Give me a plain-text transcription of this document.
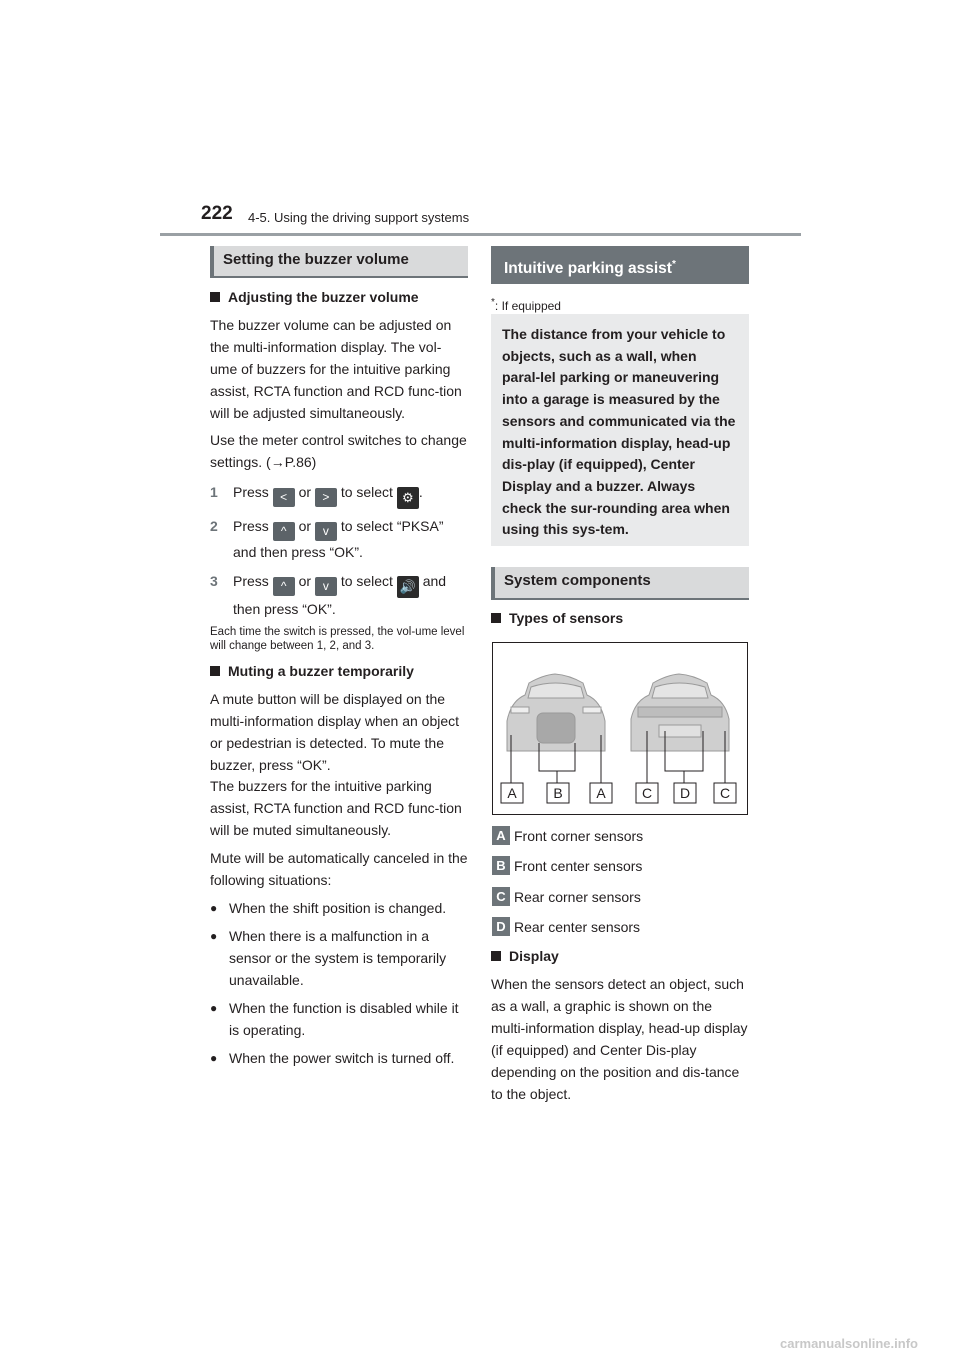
222 4-5. Using the driving support systems
Setting the buzzer volume
Adjusting the buzzer volume

The buzzer volume can be adjusted on the multi-information display. The vol-ume of buzzers for the intuitive parking assist, RCTA function and RCD func-tion will be adjusted simultaneously.

Use the meter control switches to change settings. (→P.86)

1 Press < or > to select ⚙ .
2 Press ^ or v to select “PKSA”
and then press “OK”.
3 Press ^ or v to select 🔊 and
then press “OK”.

Each time the switch is pressed, the vol-ume level will change between 1, 2, and 3.

Muting a buzzer temporarily

A mute button will be displayed on the multi-information display when an object or pedestrian is detected. To mute the buzzer, press “OK”.

The buzzers for the intuitive parking assist, RCTA function and RCD func-tion will be muted simultaneously.

Mute will be automatically canceled in the following situations:

● When the shift position is changed.
● When there is a malfunction in a sensor or the system is temporarily unavailable.
● When the function is disabled while it is operating.
● When the power switch is turned off.
Intuitive parking assist*
*: If equipped
The distance from your vehicle to objects, such as a wall, when paral-lel parking or maneuvering into a garage is measured by the sensors and communicated via the multi-information display, head-up dis-play (if equipped), Center Display and a buzzer. Always check the sur-rounding area when using this sys-tem.
System components
Types of sensors
A	B A	C D C
A Front corner sensors
B Front center sensors
C Rear corner sensors
D Rear center sensors
Display

When the sensors detect an object, such as a wall, a graphic is shown on the multi-information display, head-up display (if equipped) and Center Dis-play depending on the position and dis-tance to the object.

carmanualsonline.info
